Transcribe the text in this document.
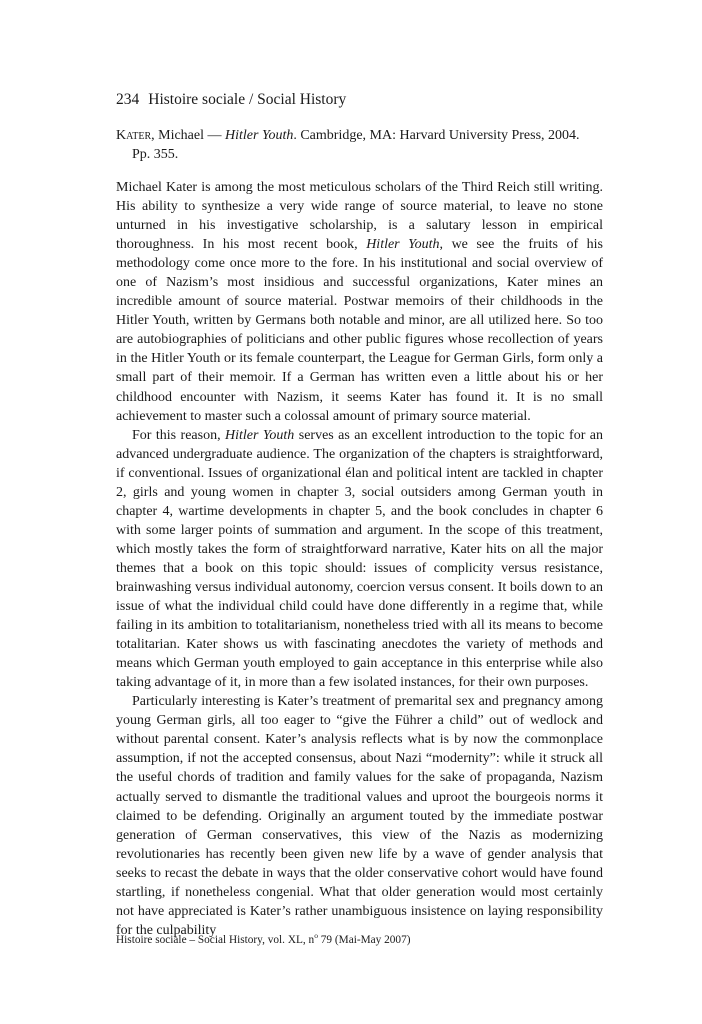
234 Histoire sociale / Social History
Kater, Michael — Hitler Youth. Cambridge, MA: Harvard University Press, 2004.
Pp. 355.

Michael Kater is among the most meticulous scholars of the Third Reich still writing. His ability to synthesize a very wide range of source material, to leave no stone unturned in his investigative scholarship, is a salutary lesson in empirical thoroughness. In his most recent book, Hitler Youth, we see the fruits of his methodology come once more to the fore. In his institutional and social overview of one of Nazism’s most insidious and successful organizations, Kater mines an incredible amount of source material. Postwar memoirs of their childhoods in the Hitler Youth, written by Germans both notable and minor, are all utilized here. So too are autobiographies of politicians and other public figures whose recollection of years in the Hitler Youth or its female counterpart, the League for German Girls, form only a small part of their memoir. If a German has written even a little about his or her childhood encounter with Nazism, it seems Kater has found it. It is no small achievement to master such a colossal amount of primary source material.

For this reason, Hitler Youth serves as an excellent introduction to the topic for an advanced undergraduate audience. The organization of the chapters is straightforward, if conventional. Issues of organizational élan and political intent are tackled in chapter 2, girls and young women in chapter 3, social outsiders among German youth in chapter 4, wartime developments in chapter 5, and the book concludes in chapter 6 with some larger points of summation and argument. In the scope of this treatment, which mostly takes the form of straightforward narrative, Kater hits on all the major themes that a book on this topic should: issues of complicity versus resistance, brainwashing versus individual autonomy, coercion versus consent. It boils down to an issue of what the individual child could have done differently in a regime that, while failing in its ambition to totalitarianism, nonetheless tried with all its means to become totalitarian. Kater shows us with fascinating anecdotes the variety of methods and means which German youth employed to gain acceptance in this enterprise while also taking advantage of it, in more than a few isolated instances, for their own purposes.

Particularly interesting is Kater’s treatment of premarital sex and pregnancy among young German girls, all too eager to “give the Führer a child” out of wedlock and without parental consent. Kater’s analysis reflects what is by now the commonplace assumption, if not the accepted consensus, about Nazi “modernity”: while it struck all the useful chords of tradition and family values for the sake of propaganda, Nazism actually served to dismantle the traditional values and uproot the bourgeois norms it claimed to be defending. Originally an argument touted by the immediate postwar generation of German conservatives, this view of the Nazis as modernizing revolutionaries has recently been given new life by a wave of gender analysis that seeks to recast the debate in ways that the older conservative cohort would have found startling, if nonetheless congenial. What that older generation would most certainly not have appreciated is Kater’s rather unambiguous insistence on laying responsibility for the culpability

Histoire sociale – Social History, vol. XL, $n^o$ 79 (Mai-May 2007)
